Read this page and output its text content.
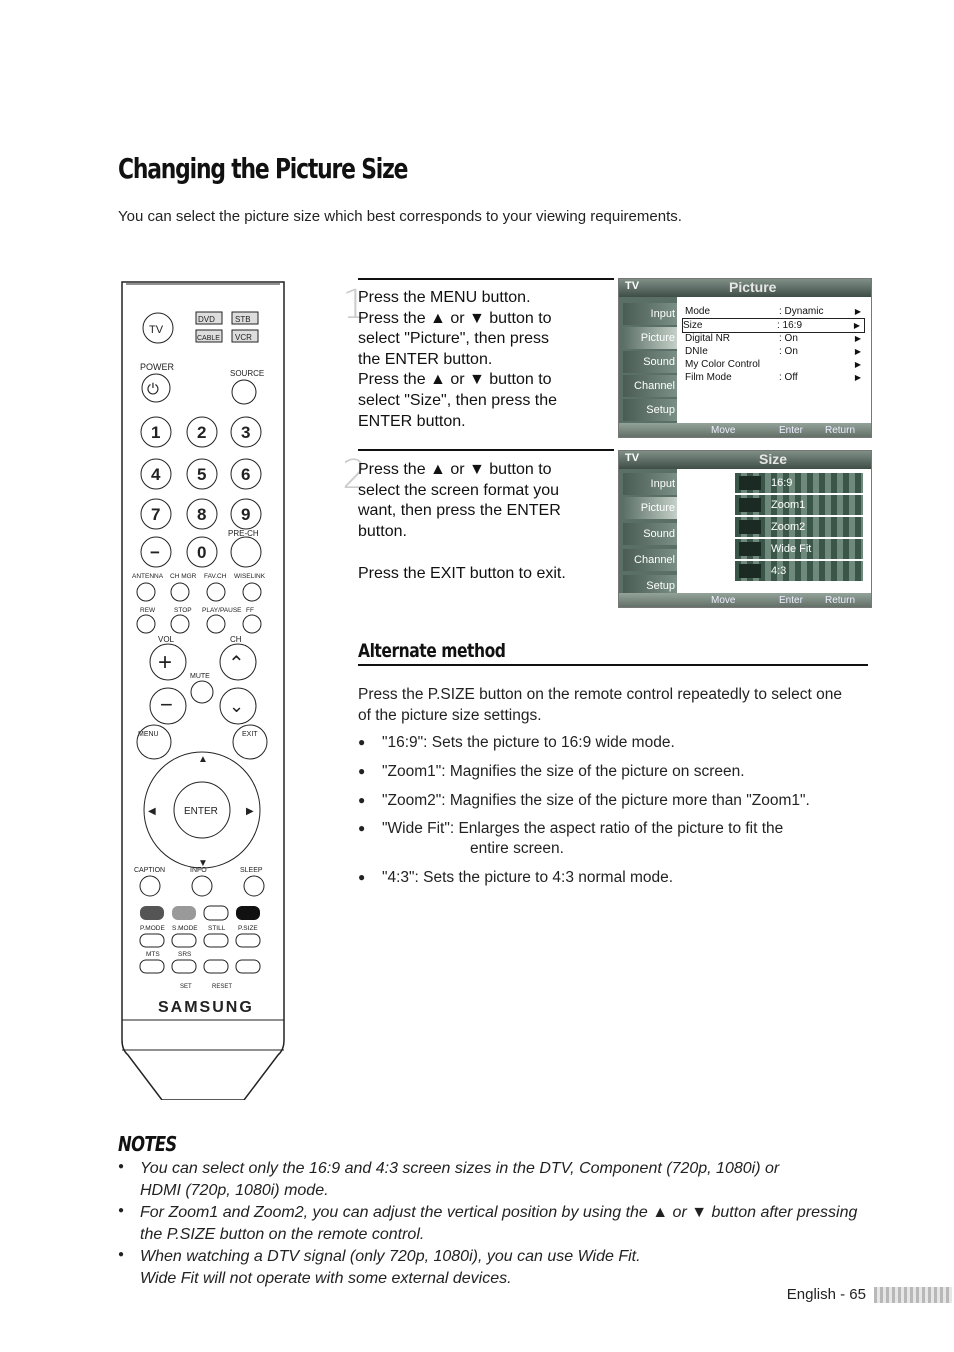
Changing the Picture Size
You can select the picture size which best corresponds to your viewing requirements.
TV
DVD	STB
CABLE VCR
POWER
SOURCE
⏻
1 2 3
4 5 6
7 8 9
− 0
PRE-CH
ANTENNA CH MGR FAV.CH WISELINK
REW	STOP PLAY/PAUSE FF
VOL	CH
+	⌃
MUTE
−	⌄
MENU	EXIT
ENTER
▲
▼
◀	▶
CAPTION	INFO	SLEEP
P.MODE S.MODE STILL P.SIZE
MTS	SRS
SET	RESET
SAMSUNG
1
Press the MENU button.
Press the ▲ or ▼ button to
select "Picture", then press
the ENTER button.
Press the ▲ or ▼ button to
select "Size", then press the
ENTER button.
TV	Picture
Input
Picture
Sound
Channel
Setup
Mode	: Dynamic	▶
Size	: 16:9	▶
Digital NR	: On	▶
DNIe	: On	▶
My Color Control	▶
Film Mode	: Off	▶
Move	Enter Return
2
Press the ▲ or ▼ button to
select the screen format you
want, then press the ENTER
button.
Press the EXIT button to exit.
TV	Size
Input
Picture
Sound
Channel
Setup
16:9
Zoom1
Zoom2
Wide Fit
4:3
Move	Enter Return
Alternate method
Press the P.SIZE button on the remote control repeatedly to select one
of the picture size settings.
● "16:9": Sets the picture to 16:9 wide mode.
● "Zoom1": Magnifies the size of the picture on screen.
● "Zoom2": Magnifies the size of the picture more than "Zoom1".
● "Wide Fit": Enlarges the aspect ratio of the picture to fit the
entire screen.
● "4:3": Sets the picture to 4:3 normal mode.
NOTES
● You can select only the 16:9 and 4:3 screen sizes in the DTV, Component (720p, 1080i) or
HDMI (720p, 1080i) mode.
● For Zoom1 and Zoom2, you can adjust the vertical position by using the ▲ or ▼ button after pressing
the P.SIZE button on the remote control.
● When watching a DTV signal (only 720p, 1080i), you can use Wide Fit.
Wide Fit will not operate with some external devices.
English - 65
